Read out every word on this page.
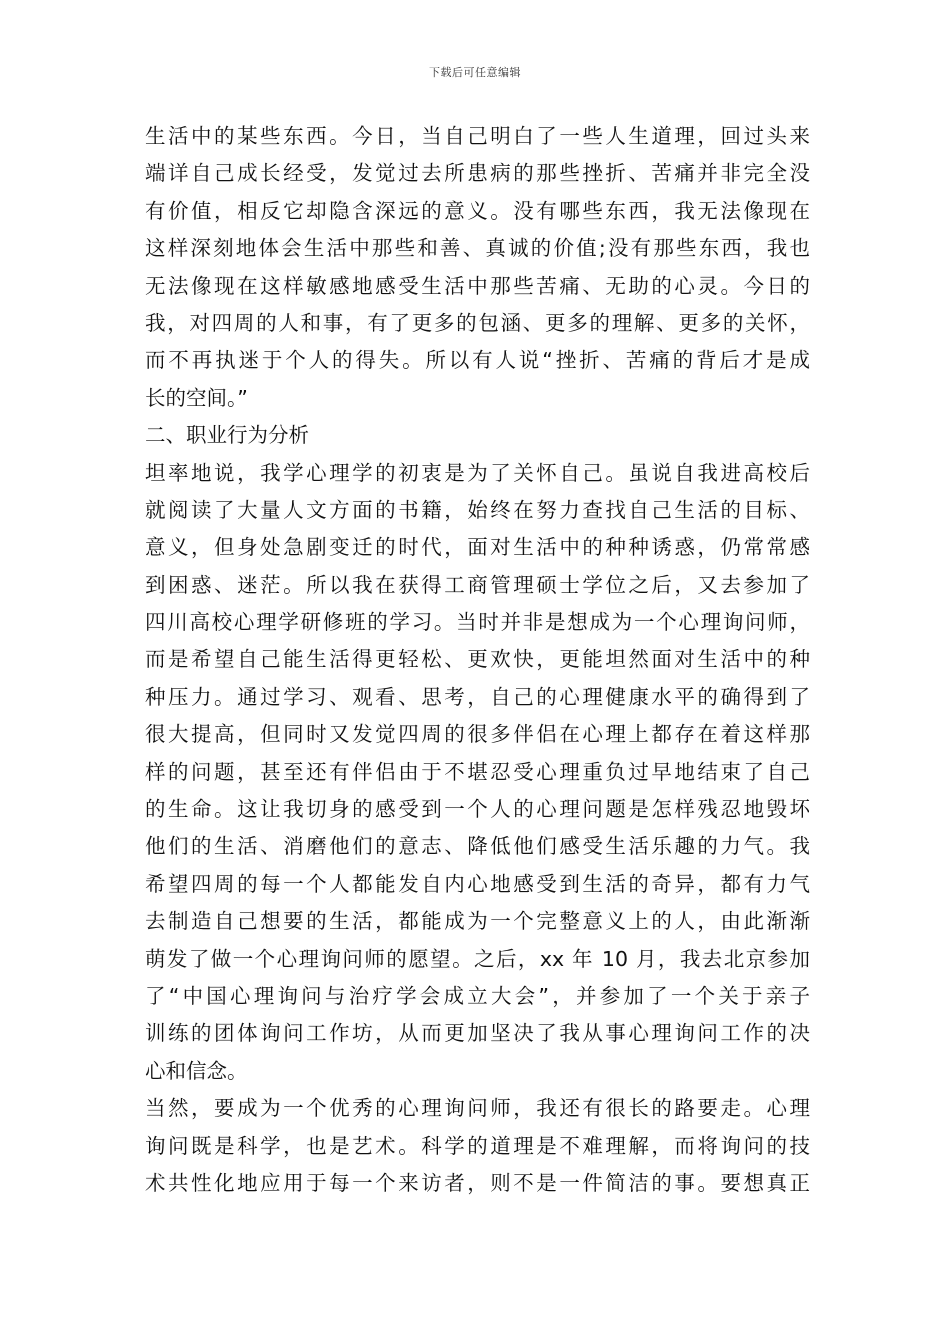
下载后可任意编辑
生活中的某些东西。今日，当自己明白了一些人生道理，回过头来
端详自己成长经受，发觉过去所患病的那些挫折、苦痛并非完全没
有价值，相反它却隐含深远的意义。没有哪些东西，我无法像现在
这样深刻地体会生活中那些和善、真诚的价值;没有那些东西，我也
无法像现在这样敏感地感受生活中那些苦痛、无助的心灵。今日的
我，对四周的人和事，有了更多的包涵、更多的理解、更多的关怀，
而不再执迷于个人的得失。所以有人说“挫折、苦痛的背后才是成
长的空间。”
二、职业行为分析
坦率地说，我学心理学的初衷是为了关怀自己。虽说自我进高校后
就阅读了大量人文方面的书籍，始终在努力查找自己生活的目标、
意义，但身处急剧变迁的时代，面对生活中的种种诱惑，仍常常感
到困惑、迷茫。所以我在获得工商管理硕士学位之后，又去参加了
四川高校心理学研修班的学习。当时并非是想成为一个心理询问师，
而是希望自己能生活得更轻松、更欢快，更能坦然面对生活中的种
种压力。通过学习、观看、思考，自己的心理健康水平的确得到了
很大提高，但同时又发觉四周的很多伴侣在心理上都存在着这样那
样的问题，甚至还有伴侣由于不堪忍受心理重负过早地结束了自己
的生命。这让我切身的感受到一个人的心理问题是怎样残忍地毁坏
他们的生活、消磨他们的意志、降低他们感受生活乐趣的力气。我
希望四周的每一个人都能发自内心地感受到生活的奇异，都有力气
去制造自己想要的生活，都能成为一个完整意义上的人，由此渐渐
萌发了做一个心理询问师的愿望。之后，xx 年 10 月，我去北京参加
了“中国心理询问与治疗学会成立大会”，并参加了一个关于亲子
训练的团体询问工作坊，从而更加坚决了我从事心理询问工作的决
心和信念。
当然，要成为一个优秀的心理询问师，我还有很长的路要走。心理
询问既是科学，也是艺术。科学的道理是不难理解，而将询问的技
术共性化地应用于每一个来访者，则不是一件简洁的事。要想真正
